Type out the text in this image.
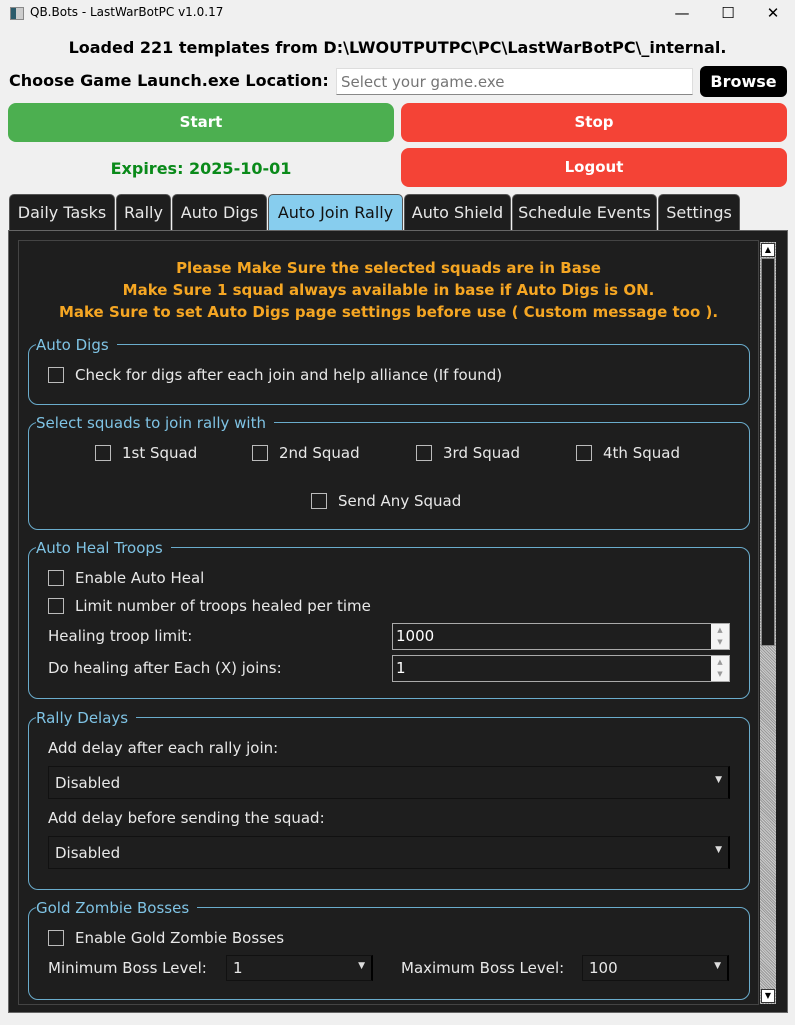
QB.Bots - LastWarBotPC v1.0.17	—	☐	✕
Loaded 221 templates from D:\LWOUTPUTPC\PC\LastWarBotPC\_internal.
Choose Game Launch.exe Location:
Select your game.exe	Browse
Start	Stop
Expires: 2025-10-01	Logout
Daily Tasks	Rally	Auto Digs	Auto Join Rally	Auto Shield Schedule Events Settings
Please Make Sure the selected squads are in Base
Make Sure 1 squad always available in base if Auto Digs is ON.
Make Sure to set Auto Digs page settings before use ( Custom message too ).
Auto Digs
Check for digs after each join and help alliance (If found)
Select squads to join rally with
1st Squad	2nd Squad	3rd Squad	4th Squad
Send Any Squad
Auto Heal Troops
Enable Auto Heal
Limit number of troops healed per time
Healing troop limit:	1000	▲
▼
Do healing after Each (X) joins:	1	▲
▼
Rally Delays
Add delay after each rally join:
Disabled	▼
Add delay before sending the squad:
Disabled	▼
Gold Zombie Bosses
Enable Gold Zombie Bosses
Minimum Boss Level:	1	▼ Maximum Boss Level:	100	▼
▲
▼
